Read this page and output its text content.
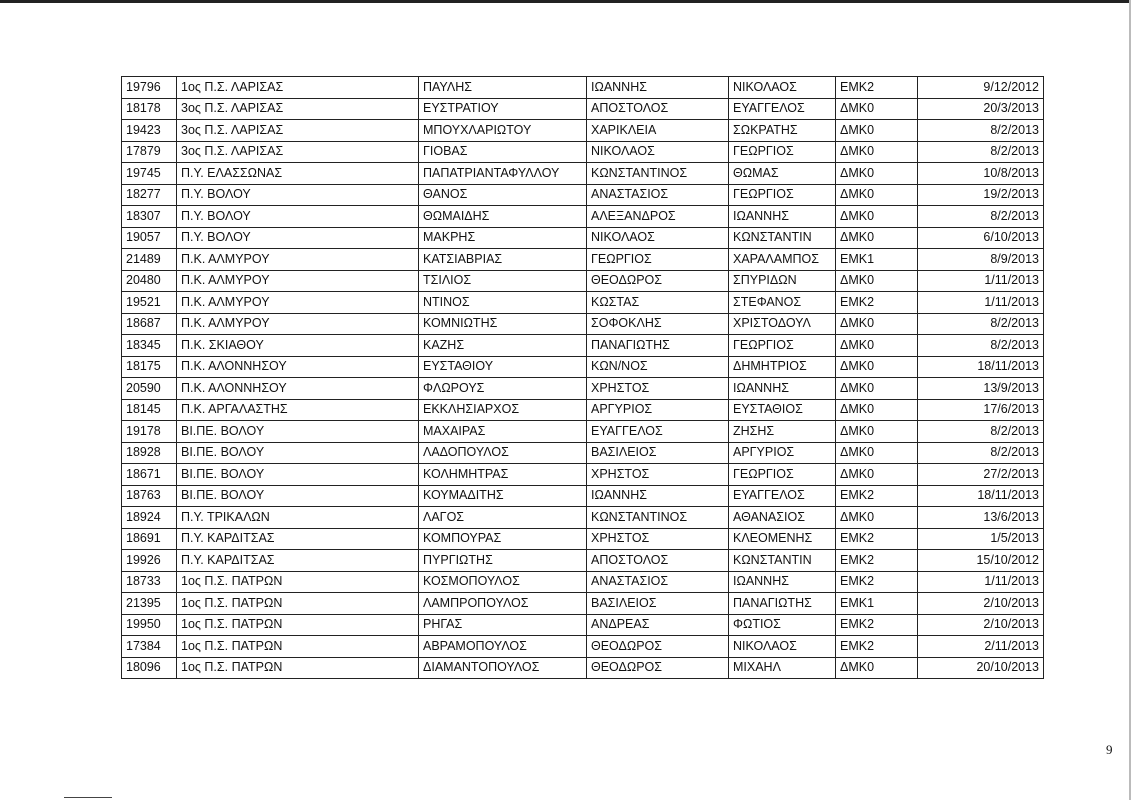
19796	1ος Π.Σ. ΛΑΡΙΣΑΣ	ΠΑΥΛΗΣ	ΙΩΑΝΝΗΣ	ΝΙΚΟΛΑΟΣ	ΕΜΚ2	9/12/2012
18178	3ος Π.Σ. ΛΑΡΙΣΑΣ	ΕΥΣΤΡΑΤΙΟΥ	ΑΠΟΣΤΟΛΟΣ	ΕΥΑΓΓΕΛΟΣ	ΔΜΚ0	20/3/2013
19423	3ος Π.Σ. ΛΑΡΙΣΑΣ	ΜΠΟΥΧΛΑΡΙΩΤΟΥ	ΧΑΡΙΚΛΕΙΑ	ΣΩΚΡΑΤΗΣ	ΔΜΚ0	8/2/2013
17879	3ος Π.Σ. ΛΑΡΙΣΑΣ	ΓΙΟΒΑΣ	ΝΙΚΟΛΑΟΣ	ΓΕΩΡΓΙΟΣ	ΔΜΚ0	8/2/2013
19745	Π.Υ. ΕΛΑΣΣΩΝΑΣ	ΠΑΠΑΤΡΙΑΝΤΑΦΥΛΛΟΥ	ΚΩΝΣΤΑΝΤΙΝΟΣ	ΘΩΜΑΣ	ΔΜΚ0	10/8/2013
18277	Π.Υ. ΒΟΛΟΥ	ΘΑΝΟΣ	ΑΝΑΣΤΑΣΙΟΣ	ΓΕΩΡΓΙΟΣ	ΔΜΚ0	19/2/2013
18307	Π.Υ. ΒΟΛΟΥ	ΘΩΜΑΙΔΗΣ	ΑΛΕΞΑΝΔΡΟΣ	ΙΩΑΝΝΗΣ	ΔΜΚ0	8/2/2013
19057	Π.Υ. ΒΟΛΟΥ	ΜΑΚΡΗΣ	ΝΙΚΟΛΑΟΣ	ΚΩΝΣΤΑΝΤΙΝ	ΔΜΚ0	6/10/2013
21489	Π.Κ. ΑΛΜΥΡΟΥ	ΚΑΤΣΙΑΒΡΙΑΣ	ΓΕΩΡΓΙΟΣ	ΧΑΡΑΛΑΜΠΟΣ	ΕΜΚ1	8/9/2013
20480	Π.Κ. ΑΛΜΥΡΟΥ	ΤΣΙΛΙΟΣ	ΘΕΟΔΩΡΟΣ	ΣΠΥΡΙΔΩΝ	ΔΜΚ0	1/11/2013
19521	Π.Κ. ΑΛΜΥΡΟΥ	ΝΤΙΝΟΣ	ΚΩΣΤΑΣ	ΣΤΕΦΑΝΟΣ	ΕΜΚ2	1/11/2013
18687	Π.Κ. ΑΛΜΥΡΟΥ	ΚΟΜΝΙΩΤΗΣ	ΣΟΦΟΚΛΗΣ	ΧΡΙΣΤΟΔΟΥΛ	ΔΜΚ0	8/2/2013
18345	Π.Κ. ΣΚΙΑΘΟΥ	ΚΑΖΗΣ	ΠΑΝΑΓΙΩΤΗΣ	ΓΕΩΡΓΙΟΣ	ΔΜΚ0	8/2/2013
18175	Π.Κ. ΑΛΟΝΝΗΣΟΥ	ΕΥΣΤΑΘΙΟΥ	ΚΩΝ/ΝΟΣ	ΔΗΜΗΤΡΙΟΣ	ΔΜΚ0	18/11/2013
20590	Π.Κ. ΑΛΟΝΝΗΣΟΥ	ΦΛΩΡΟΥΣ	ΧΡΗΣΤΟΣ	ΙΩΑΝΝΗΣ	ΔΜΚ0	13/9/2013
18145	Π.Κ. ΑΡΓΑΛΑΣΤΗΣ	ΕΚΚΛΗΣΙΑΡΧΟΣ	ΑΡΓΥΡΙΟΣ	ΕΥΣΤΑΘΙΟΣ	ΔΜΚ0	17/6/2013
19178	ΒΙ.ΠΕ. ΒΟΛΟΥ	ΜΑΧΑΙΡΑΣ	ΕΥΑΓΓΕΛΟΣ	ΖΗΣΗΣ	ΔΜΚ0	8/2/2013
18928	ΒΙ.ΠΕ. ΒΟΛΟΥ	ΛΑΔΟΠΟΥΛΟΣ	ΒΑΣΙΛΕΙΟΣ	ΑΡΓΥΡΙΟΣ	ΔΜΚ0	8/2/2013
18671	ΒΙ.ΠΕ. ΒΟΛΟΥ	ΚΟΛΗΜΗΤΡΑΣ	ΧΡΗΣΤΟΣ	ΓΕΩΡΓΙΟΣ	ΔΜΚ0	27/2/2013
18763	ΒΙ.ΠΕ. ΒΟΛΟΥ	ΚΟΥΜΑΔΙΤΗΣ	ΙΩΑΝΝΗΣ	ΕΥΑΓΓΕΛΟΣ	ΕΜΚ2	18/11/2013
18924	Π.Υ. ΤΡΙΚΑΛΩΝ	ΛΑΓΟΣ	ΚΩΝΣΤΑΝΤΙΝΟΣ	ΑΘΑΝΑΣΙΟΣ	ΔΜΚ0	13/6/2013
18691	Π.Υ. ΚΑΡΔΙΤΣΑΣ	ΚΟΜΠΟΥΡΑΣ	ΧΡΗΣΤΟΣ	ΚΛΕΟΜΕΝΗΣ	ΕΜΚ2	1/5/2013
19926	Π.Υ. ΚΑΡΔΙΤΣΑΣ	ΠΥΡΓΙΩΤΗΣ	ΑΠΟΣΤΟΛΟΣ	ΚΩΝΣΤΑΝΤΙΝ	ΕΜΚ2	15/10/2012
18733	1ος Π.Σ. ΠΑΤΡΩΝ	ΚΟΣΜΟΠΟΥΛΟΣ	ΑΝΑΣΤΑΣΙΟΣ	ΙΩΑΝΝΗΣ	ΕΜΚ2	1/11/2013
21395	1ος Π.Σ. ΠΑΤΡΩΝ	ΛΑΜΠΡΟΠΟΥΛΟΣ	ΒΑΣΙΛΕΙΟΣ	ΠΑΝΑΓΙΩΤΗΣ	ΕΜΚ1	2/10/2013
19950	1ος Π.Σ. ΠΑΤΡΩΝ	ΡΗΓΑΣ	ΑΝΔΡΕΑΣ	ΦΩΤΙΟΣ	ΕΜΚ2	2/10/2013
17384	1ος Π.Σ. ΠΑΤΡΩΝ	ΑΒΡΑΜΟΠΟΥΛΟΣ	ΘΕΟΔΩΡΟΣ	ΝΙΚΟΛΑΟΣ	ΕΜΚ2	2/11/2013
18096	1ος Π.Σ. ΠΑΤΡΩΝ	ΔΙΑΜΑΝΤΟΠΟΥΛΟΣ	ΘΕΟΔΩΡΟΣ	ΜΙΧΑΗΛ	ΔΜΚ0	20/10/2013
9
